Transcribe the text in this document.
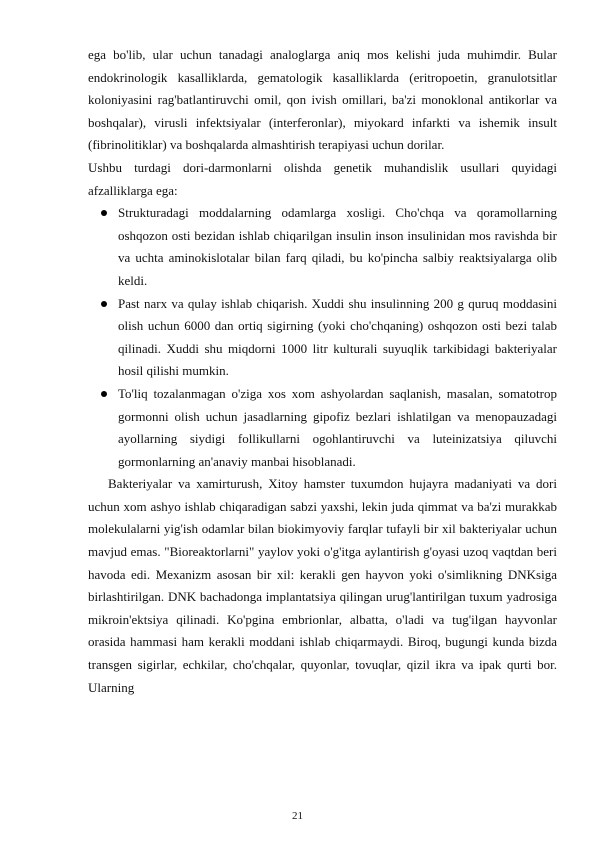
ega bo'lib, ular uchun tanadagi analoglarga aniq mos kelishi juda muhimdir. Bular endokrinologik kasalliklarda, gematologik kasalliklarda (eritropoetin, granulotsitlar koloniyasini rag'batlantiruvchi omil, qon ivish omillari, ba'zi monoklonal antikorlar va boshqalar), virusli infektsiyalar (interferonlar), miyokard infarkti va ishemik insult (fibrinolitiklar) va boshqalarda almashtirish terapiyasi uchun dorilar.

Ushbu turdagi dori-darmonlarni olishda genetik muhandislik usullari quyidagi afzalliklarga ega:

Strukturadagi moddalarning odamlarga xosligi. Cho'chqa va qoramollarning oshqozon osti bezidan ishlab chiqarilgan insulin inson insulinidan mos ravishda bir va uchta aminokislotalar bilan farq qiladi, bu ko'pincha salbiy reaktsiyalarga olib keldi.
Past narx va qulay ishlab chiqarish. Xuddi shu insulinning 200 g quruq moddasini olish uchun 6000 dan ortiq sigirning (yoki cho'chqaning) oshqozon osti bezi talab qilinadi. Xuddi shu miqdorni 1000 litr kulturali suyuqlik tarkibidagi bakteriyalar hosil qilishi mumkin.
To'liq tozalanmagan o'ziga xos xom ashyolardan saqlanish, masalan, somatotrop gormonni olish uchun jasadlarning gipofiz bezlari ishlatilgan va menopauzadagi ayollarning siydigi follikullarni ogohlantiruvchi va luteinizatsiya qiluvchi gormonlarning an'anaviy manbai hisoblanadi.

Bakteriyalar va xamirturush, Xitoy hamster tuxumdon hujayra madaniyati va dori uchun xom ashyo ishlab chiqaradigan sabzi yaxshi, lekin juda qimmat va ba'zi murakkab molekulalarni yig'ish odamlar bilan biokimyoviy farqlar tufayli bir xil bakteriyalar uchun mavjud emas. "Bioreaktorlarni" yaylov yoki o'g'itga aylantirish g'oyasi uzoq vaqtdan beri havoda edi. Mexanizm asosan bir xil: kerakli gen hayvon yoki o'simlikning DNKsiga birlashtirilgan. DNK bachadonga implantatsiya qilingan urug'lantirilgan tuxum yadrosiga mikroin'ektsiya qilinadi. Ko'pgina embrionlar, albatta, o'ladi va tug'ilgan hayvonlar orasida hammasi ham kerakli moddani ishlab chiqarmaydi. Biroq, bugungi kunda bizda transgen sigirlar, echkilar, cho'chqalar, quyonlar, tovuqlar, qizil ikra va ipak qurti bor. Ularning

21
